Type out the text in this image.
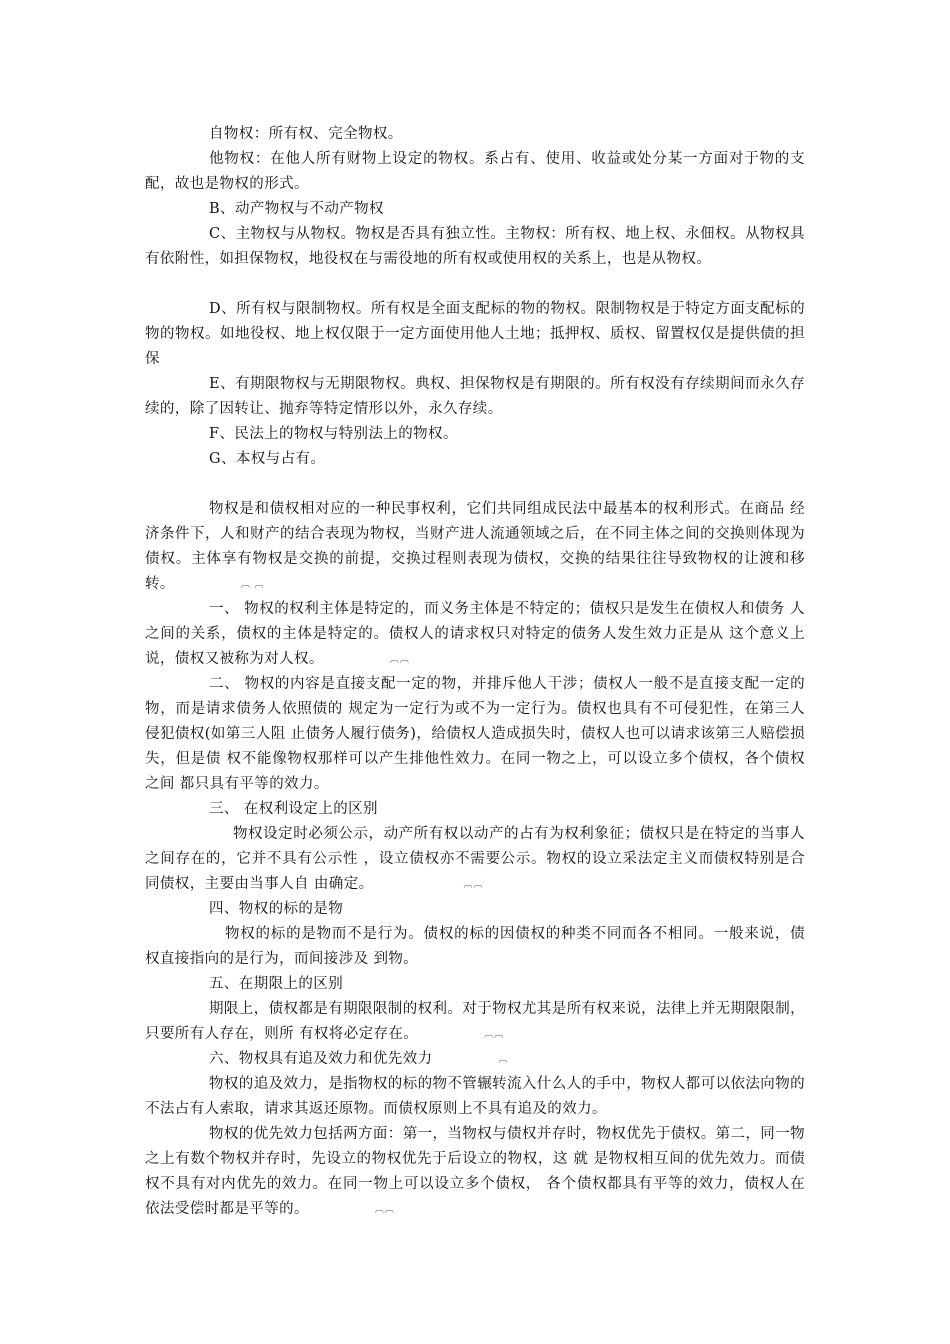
自物权：所有权、完全物权。

他物权：在他人所有财物上设定的物权。系占有、使用、收益或处分某一方面对于物的支配，故也是物权的形式。

B、动产物权与不动产物权

C、主物权与从物权。物权是否具有独立性。主物权：所有权、地上权、永佃权。从物权具有依附性，如担保物权，地役权在与需役地的所有权或使用权的关系上，也是从物权。

D、所有权与限制物权。所有权是全面支配标的物的物权。限制物权是于特定方面支配标的物的物权。如地役权、地上权仅限于一定方面使用他人土地；抵押权、质权、留置权仅是提供债的担保

E、有期限物权与无期限物权。典权、担保物权是有期限的。所有权没有存续期间而永久存续的，除了因转让、抛弃等特定情形以外，永久存续。

F、民法上的物权与特别法上的物权。

G、本权与占有。

物权是和债权相对应的一种民事权利，它们共同组成民法中最基本的权利形式。在商品 经济条件下，人和财产的结合表现为物权，当财产进人流通领域之后，在不同主体之间的交换则体现为债权。主体享有物权是交换的前提，交换过程则表现为债权，交换的结果往往导致物权的让渡和移转。	︹ ︹

一、 物权的权利主体是特定的，而义务主体是不特定的；债权只是发生在债权人和债务 人之间的关系，债权的主体是特定的。债权人的请求权只对特定的债务人发生效力正是从 这个意义上说，债权又被称为对人权。	︹︹

二、 物权的内容是直接支配一定的物，并排斥他人干涉；债权人一般不是直接支配一定的物，而是请求债务人依照债的 规定为一定行为或不为一定行为。债权也具有不可侵犯性，在第三人侵犯债权(如第三人阻 止债务人履行债务)，给债权人造成损失时，债权人也可以请求该第三人赔偿损失，但是债 权不能像物权那样可以产生排他性效力。在同一物之上，可以设立多个债权，各个债权之间 都只具有平等的效力。

三、 在权利设定上的区别

物权设定时必须公示，动产所有权以动产的占有为权利象征；债权只是在特定的当事人之间存在的，它并不具有公示性 ，设立债权亦不需要公示。物权的设立采法定主义而债权特别是合同债权，主要由当事人自 由确定。	︹︹

四、物权的标的是物

物权的标的是物而不是行为。债权的标的因债权的种类不同而各不相同。一般来说，债权直接指向的是行为，而间接涉及 到物。

五、在期限上的区别

期限上，债权都是有期限限制的权利。对于物权尤其是所有权来说，法律上并无期限限制，只要所有人存在，则所 有权将必定存在。	︹︹

六、物权具有追及效力和优先效力	︹

物权的追及效力，是指物权的标的物不管辗转流入什么人的手中，物权人都可以依法向物的不法占有人索取，请求其返还原物。而债权原则上不具有追及的效力。

物权的优先效力包括两方面：第一，当物权与债权并存时，物权优先于债权。第二，同一物之上有数个物权并存时，先设立的物权优先于后设立的物权，这 就 是物权相互间的优先效力。而债权不具有对内优先的效力。在同一物上可以设立多个债权， 各个债权都具有平等的效力，债权人在依法受偿时都是平等的。	︹︹
